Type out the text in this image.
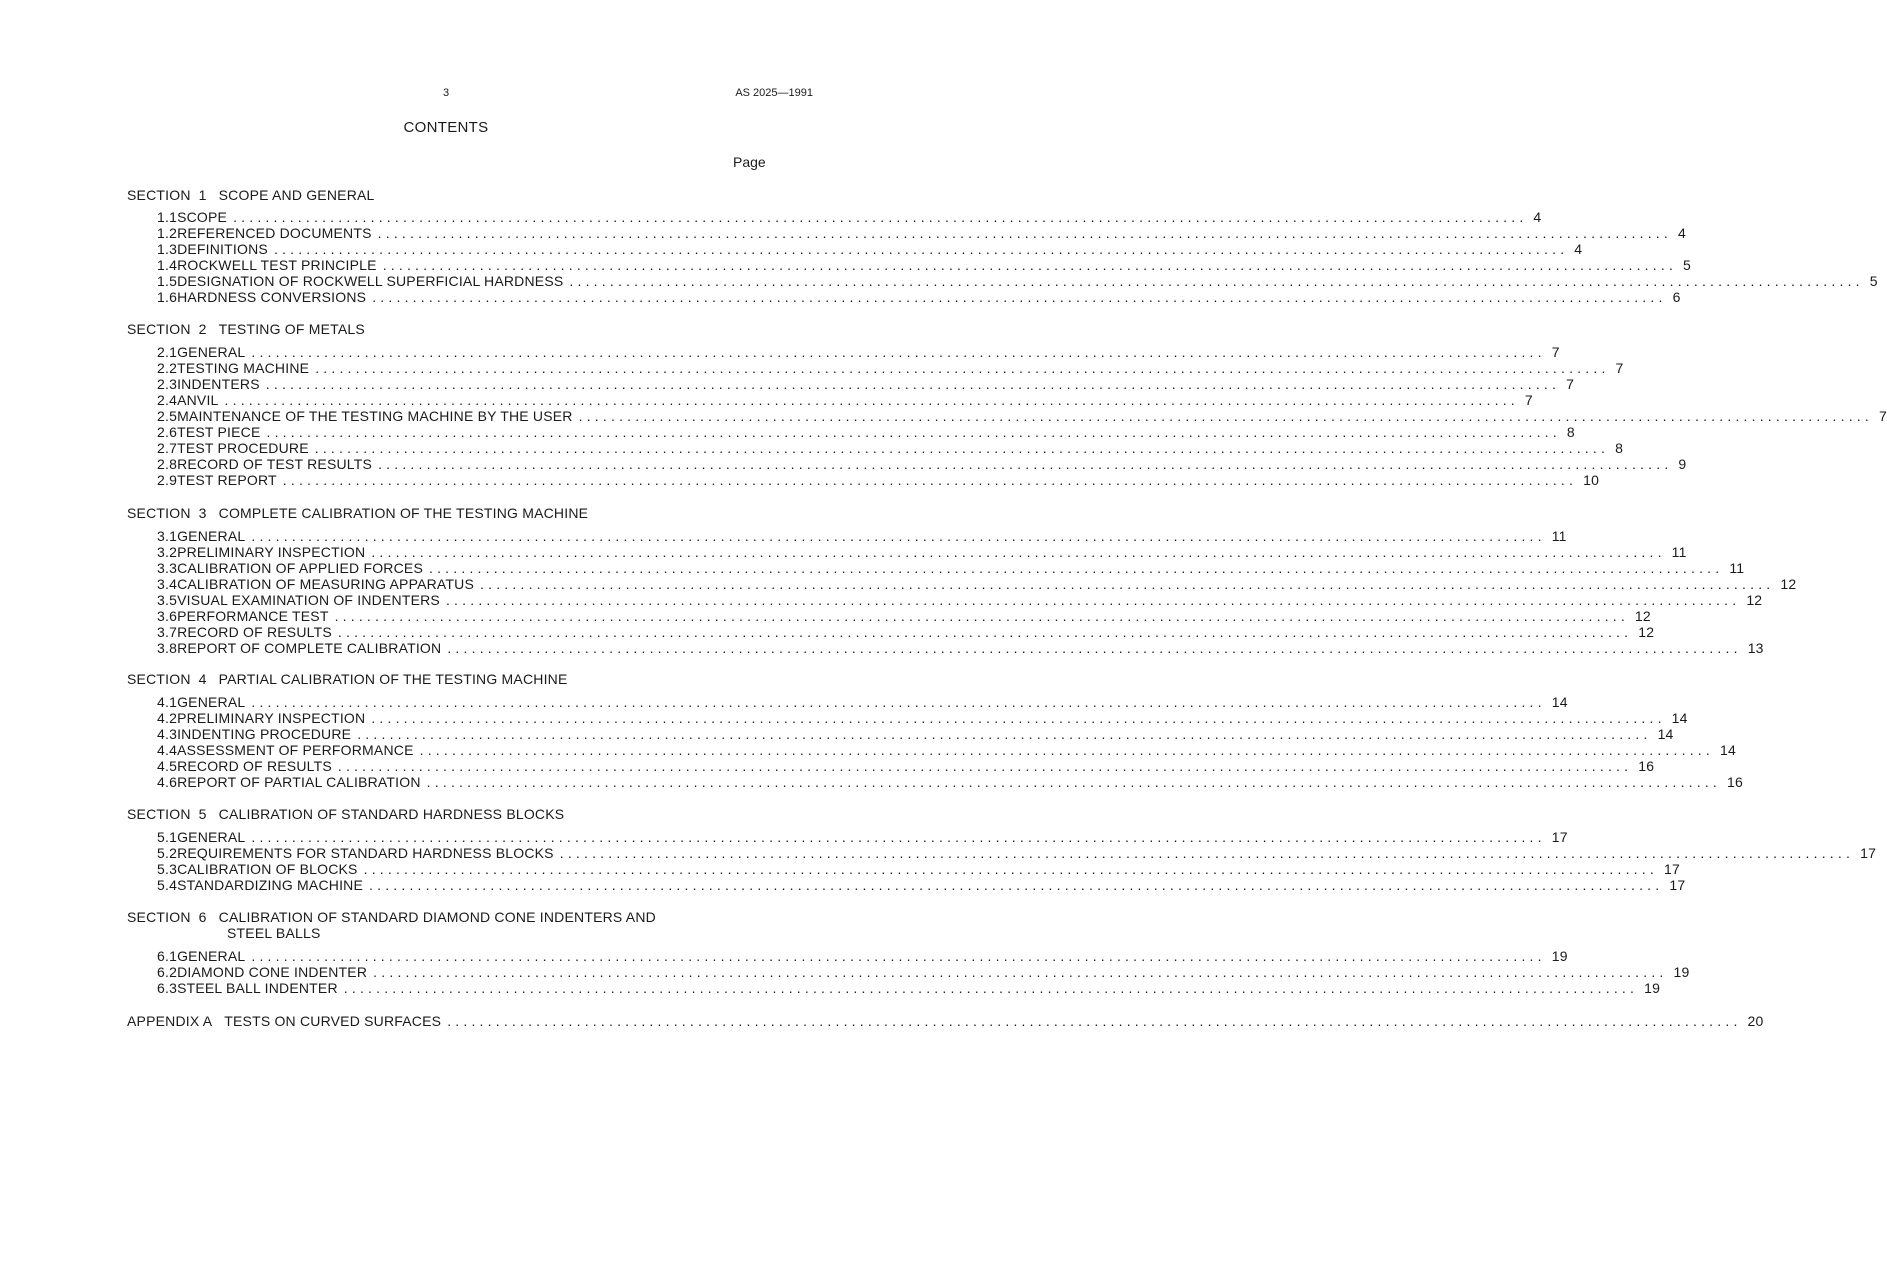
3	AS 2025—1991
CONTENTS
Page
SECTION 1 SCOPE AND GENERAL
1.1 SCOPE ................................................................................................................................................................ 4
1.2 REFERENCED DOCUMENTS ................................................................................................................................................................ 4
1.3 DEFINITIONS ................................................................................................................................................................ 4
1.4 ROCKWELL TEST PRINCIPLE ................................................................................................................................................................ 5
1.5 DESIGNATION OF ROCKWELL SUPERFICIAL HARDNESS ................................................................................................................................................................ 5
1.6 HARDNESS CONVERSIONS ................................................................................................................................................................ 6
SECTION 2 TESTING OF METALS
2.1 GENERAL ................................................................................................................................................................ 7
2.2 TESTING MACHINE ................................................................................................................................................................ 7
2.3 INDENTERS ................................................................................................................................................................ 7
2.4 ANVIL ................................................................................................................................................................ 7
2.5 MAINTENANCE OF THE TESTING MACHINE BY THE USER ................................................................................................................................................................ 7
2.6 TEST PIECE ................................................................................................................................................................ 8
2.7 TEST PROCEDURE ................................................................................................................................................................ 8
2.8 RECORD OF TEST RESULTS ................................................................................................................................................................ 9
2.9 TEST REPORT ................................................................................................................................................................ 10
SECTION 3 COMPLETE CALIBRATION OF THE TESTING MACHINE
3.1 GENERAL ................................................................................................................................................................ 11
3.2 PRELIMINARY INSPECTION ................................................................................................................................................................ 11
3.3 CALIBRATION OF APPLIED FORCES ................................................................................................................................................................ 11
3.4 CALIBRATION OF MEASURING APPARATUS ................................................................................................................................................................ 12
3.5 VISUAL EXAMINATION OF INDENTERS ................................................................................................................................................................ 12
3.6 PERFORMANCE TEST ................................................................................................................................................................ 12
3.7 RECORD OF RESULTS ................................................................................................................................................................ 12
3.8 REPORT OF COMPLETE CALIBRATION ................................................................................................................................................................ 13
SECTION 4 PARTIAL CALIBRATION OF THE TESTING MACHINE
4.1 GENERAL ................................................................................................................................................................ 14
4.2 PRELIMINARY INSPECTION ................................................................................................................................................................ 14
4.3 INDENTING PROCEDURE ................................................................................................................................................................ 14
4.4 ASSESSMENT OF PERFORMANCE ................................................................................................................................................................ 14
4.5 RECORD OF RESULTS ................................................................................................................................................................ 16
4.6 REPORT OF PARTIAL CALIBRATION ................................................................................................................................................................ 16
SECTION 5 CALIBRATION OF STANDARD HARDNESS BLOCKS
5.1 GENERAL ................................................................................................................................................................ 17
5.2 REQUIREMENTS FOR STANDARD HARDNESS BLOCKS ................................................................................................................................................................ 17
5.3 CALIBRATION OF BLOCKS ................................................................................................................................................................ 17
5.4 STANDARDIZING MACHINE ................................................................................................................................................................ 17
SECTION 6 CALIBRATION OF STANDARD DIAMOND CONE INDENTERS AND
STEEL BALLS
6.1 GENERAL ................................................................................................................................................................ 19
6.2 DIAMOND CONE INDENTER ................................................................................................................................................................ 19
6.3 STEEL BALL INDENTER ................................................................................................................................................................ 19
APPENDIX A TESTS ON CURVED SURFACES ................................................................................................................................................................ 20
